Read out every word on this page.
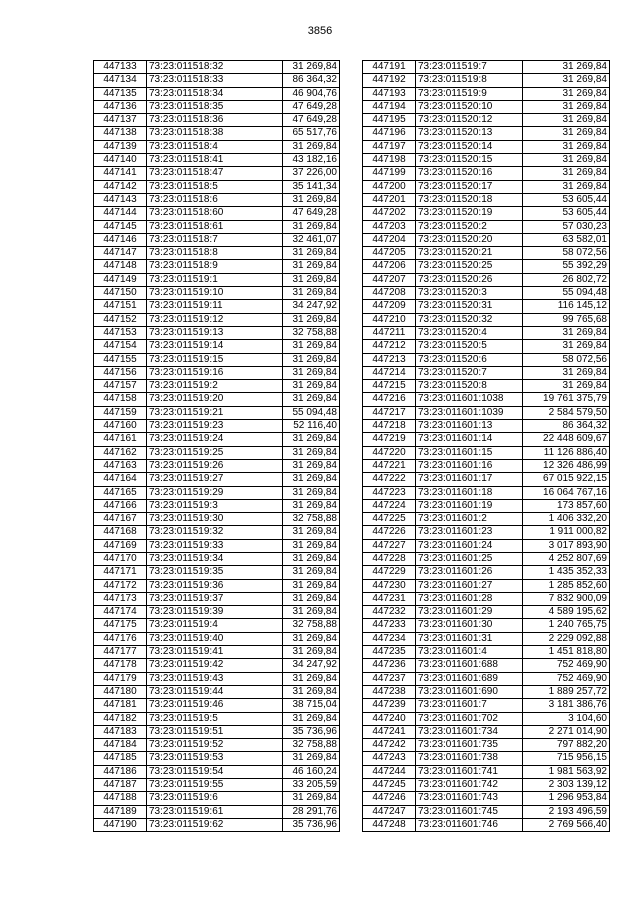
3856
447133	73:23:011518:32	31 269,84
447134	73:23:011518:33	86 364,32
447135	73:23:011518:34	46 904,76
447136	73:23:011518:35	47 649,28
447137	73:23:011518:36	47 649,28
447138	73:23:011518:38	65 517,76
447139	73:23:011518:4	31 269,84
447140	73:23:011518:41	43 182,16
447141	73:23:011518:47	37 226,00
447142	73:23:011518:5	35 141,34
447143	73:23:011518:6	31 269,84
447144	73:23:011518:60	47 649,28
447145	73:23:011518:61	31 269,84
447146	73:23:011518:7	32 461,07
447147	73:23:011518:8	31 269,84
447148	73:23:011518:9	31 269,84
447149	73:23:011519:1	31 269,84
447150	73:23:011519:10	31 269,84
447151	73:23:011519:11	34 247,92
447152	73:23:011519:12	31 269,84
447153	73:23:011519:13	32 758,88
447154	73:23:011519:14	31 269,84
447155	73:23:011519:15	31 269,84
447156	73:23:011519:16	31 269,84
447157	73:23:011519:2	31 269,84
447158	73:23:011519:20	31 269,84
447159	73:23:011519:21	55 094,48
447160	73:23:011519:23	52 116,40
447161	73:23:011519:24	31 269,84
447162	73:23:011519:25	31 269,84
447163	73:23:011519:26	31 269,84
447164	73:23:011519:27	31 269,84
447165	73:23:011519:29	31 269,84
447166	73:23:011519:3	31 269,84
447167	73:23:011519:30	32 758,88
447168	73:23:011519:32	31 269,84
447169	73:23:011519:33	31 269,84
447170	73:23:011519:34	31 269,84
447171	73:23:011519:35	31 269,84
447172	73:23:011519:36	31 269,84
447173	73:23:011519:37	31 269,84
447174	73:23:011519:39	31 269,84
447175	73:23:011519:4	32 758,88
447176	73:23:011519:40	31 269,84
447177	73:23:011519:41	31 269,84
447178	73:23:011519:42	34 247,92
447179	73:23:011519:43	31 269,84
447180	73:23:011519:44	31 269,84
447181	73:23:011519:46	38 715,04
447182	73:23:011519:5	31 269,84
447183	73:23:011519:51	35 736,96
447184	73:23:011519:52	32 758,88
447185	73:23:011519:53	31 269,84
447186	73:23:011519:54	46 160,24
447187	73:23:011519:55	33 205,59
447188	73:23:011519:6	31 269,84
447189	73:23:011519:61	28 291,76
447190	73:23:011519:62	35 736,96
447191	73:23:011519:7	31 269,84
447192	73:23:011519:8	31 269,84
447193	73:23:011519:9	31 269,84
447194	73:23:011520:10	31 269,84
447195	73:23:011520:12	31 269,84
447196	73:23:011520:13	31 269,84
447197	73:23:011520:14	31 269,84
447198	73:23:011520:15	31 269,84
447199	73:23:011520:16	31 269,84
447200	73:23:011520:17	31 269,84
447201	73:23:011520:18	53 605,44
447202	73:23:011520:19	53 605,44
447203	73:23:011520:2	57 030,23
447204	73:23:011520:20	63 582,01
447205	73:23:011520:21	58 072,56
447206	73:23:011520:25	55 392,29
447207	73:23:011520:26	26 802,72
447208	73:23:011520:3	55 094,48
447209	73:23:011520:31	116 145,12
447210	73:23:011520:32	99 765,68
447211	73:23:011520:4	31 269,84
447212	73:23:011520:5	31 269,84
447213	73:23:011520:6	58 072,56
447214	73:23:011520:7	31 269,84
447215	73:23:011520:8	31 269,84
447216	73:23:011601:1038	19 761 375,79
447217	73:23:011601:1039	2 584 579,50
447218	73:23:011601:13	86 364,32
447219	73:23:011601:14	22 448 609,67
447220	73:23:011601:15	11 126 886,40
447221	73:23:011601:16	12 326 486,99
447222	73:23:011601:17	67 015 922,15
447223	73:23:011601:18	16 064 767,16
447224	73:23:011601:19	173 857,60
447225	73:23:011601:2	1 406 332,20
447226	73:23:011601:23	1 911 000,82
447227	73:23:011601:24	3 017 893,90
447228	73:23:011601:25	4 252 807,69
447229	73:23:011601:26	1 435 352,33
447230	73:23:011601:27	1 285 852,60
447231	73:23:011601:28	7 832 900,09
447232	73:23:011601:29	4 589 195,62
447233	73:23:011601:30	1 240 765,75
447234	73:23:011601:31	2 229 092,88
447235	73:23:011601:4	1 451 818,80
447236	73:23:011601:688	752 469,90
447237	73:23:011601:689	752 469,90
447238	73:23:011601:690	1 889 257,72
447239	73:23:011601:7	3 181 386,76
447240	73:23:011601:702	3 104,60
447241	73:23:011601:734	2 271 014,90
447242	73:23:011601:735	797 882,20
447243	73:23:011601:738	715 956,15
447244	73:23:011601:741	1 981 563,92
447245	73:23:011601:742	2 303 139,12
447246	73:23:011601:743	1 296 953,84
447247	73:23:011601:745	2 193 496,59
447248	73:23:011601:746	2 769 566,40
